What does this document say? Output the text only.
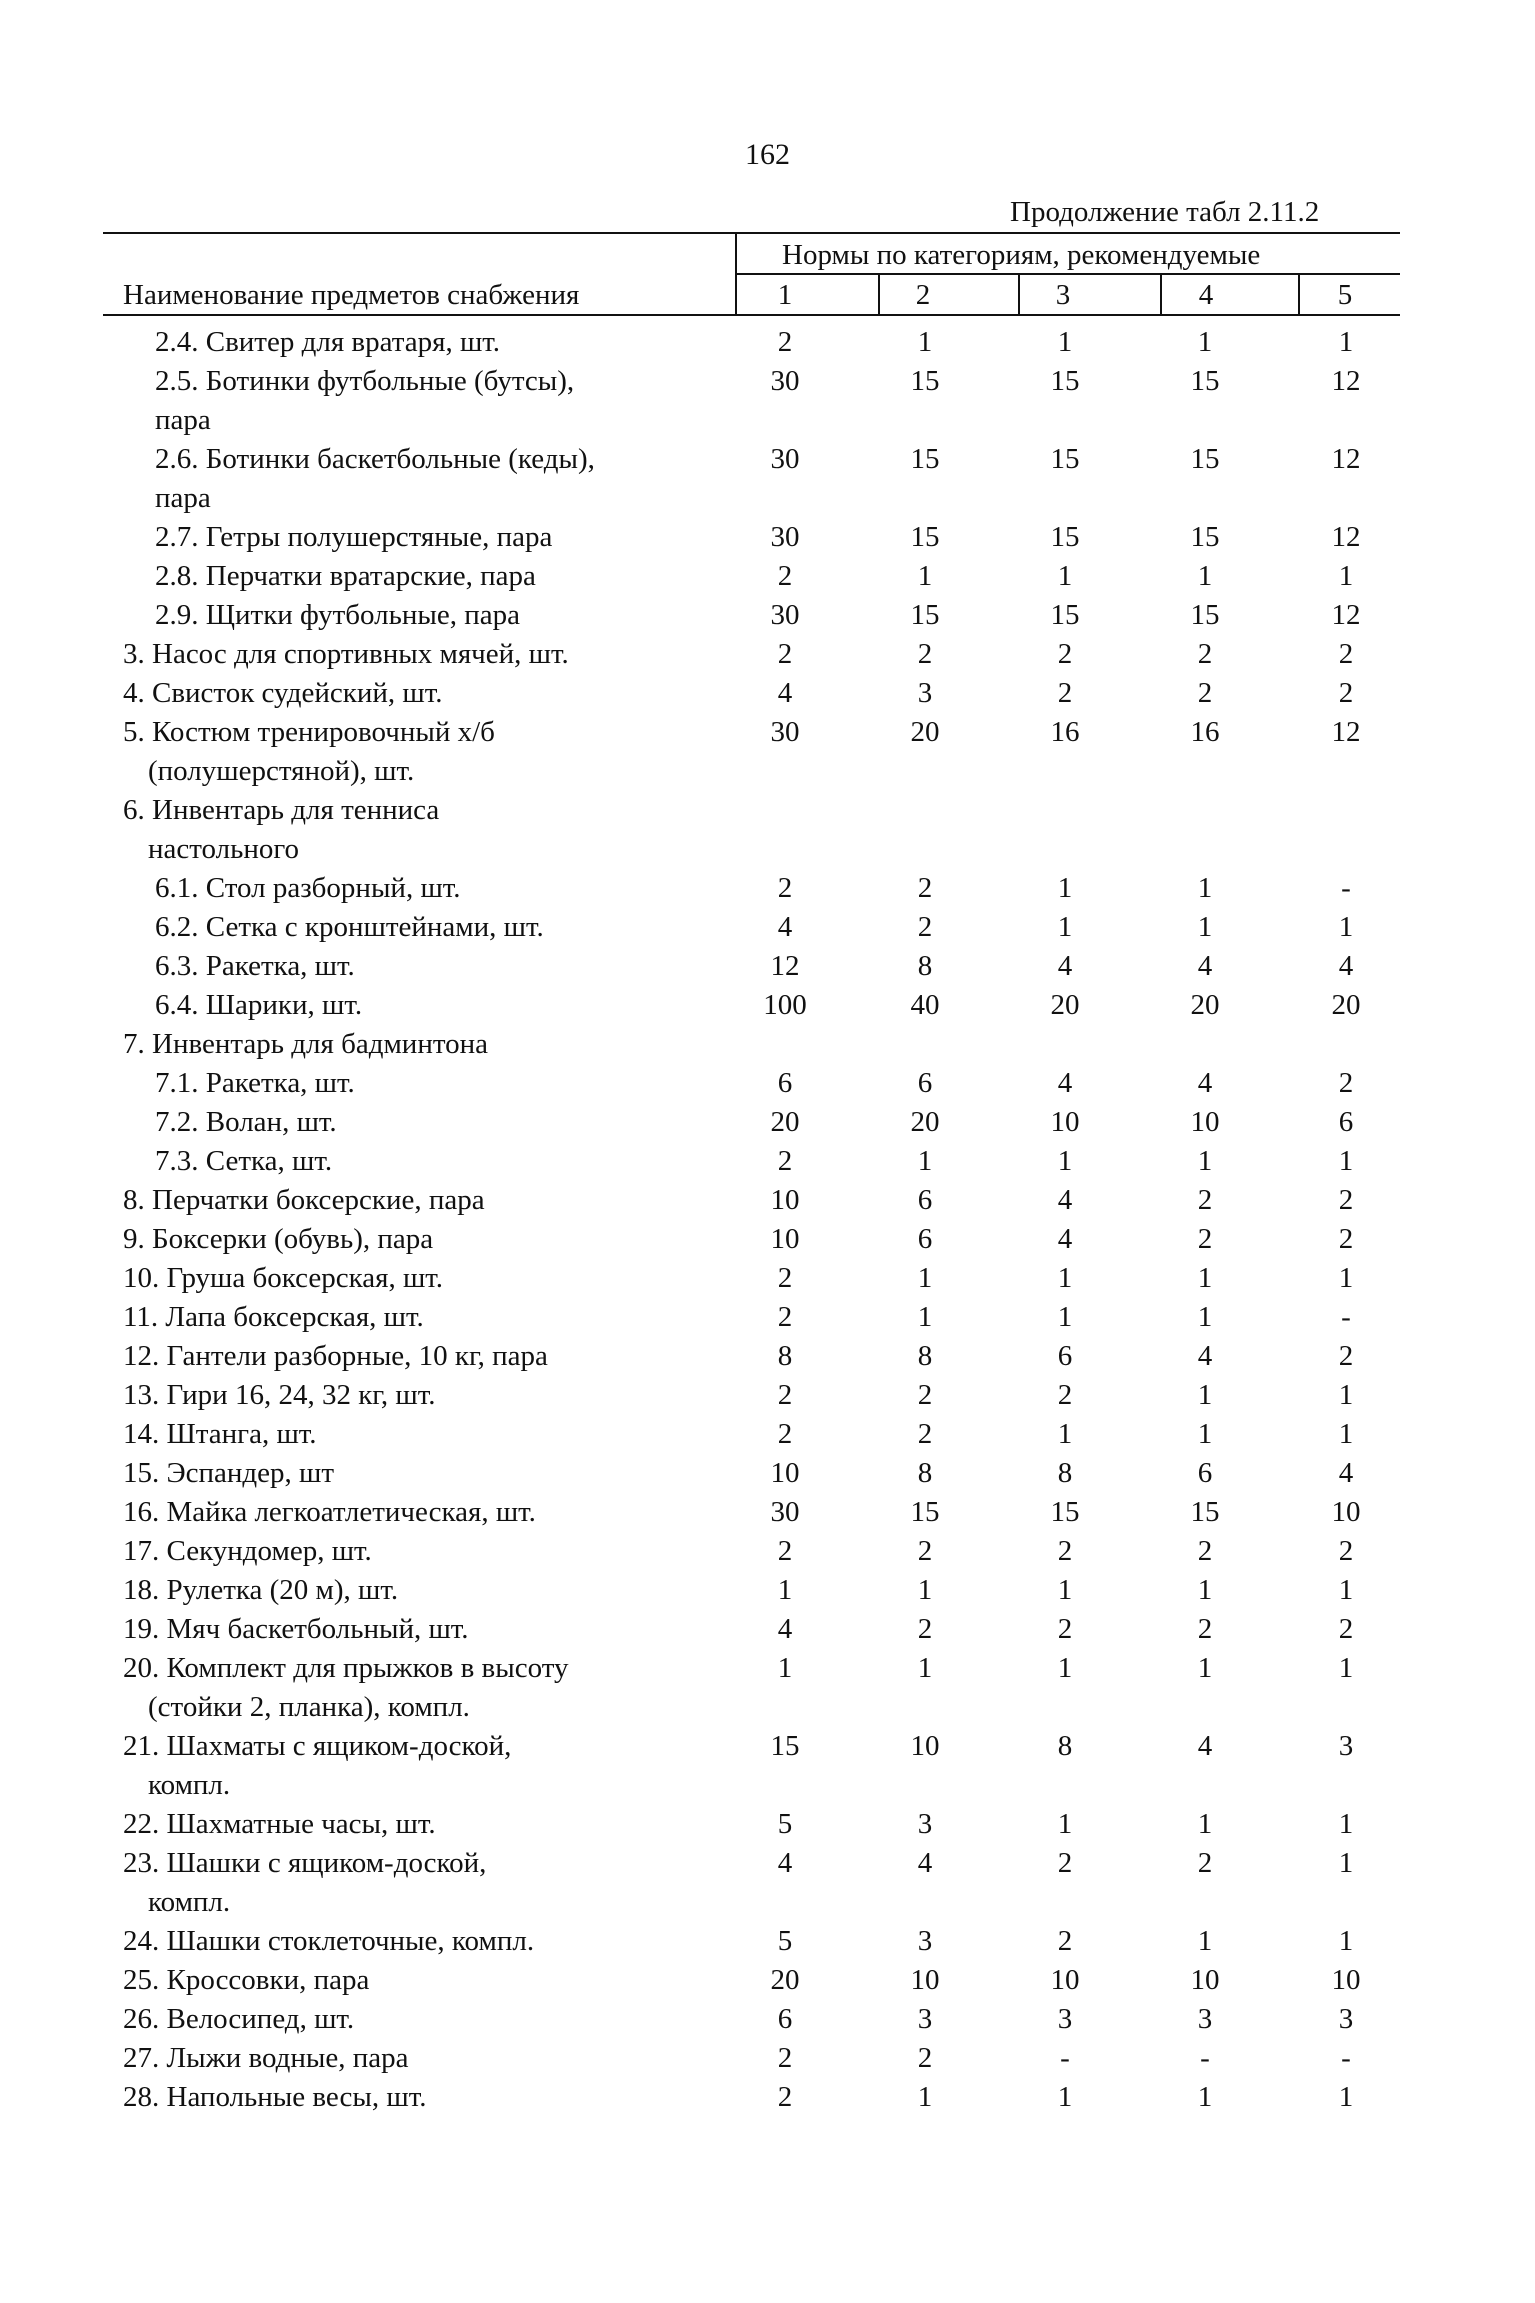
162
Продолжение табл 2.11.2
Наименование предметов снабжения
Нормы по категориям, рекомендуемые
1	2	3	4	5
2.4. Свитер для вратаря, шт.	2	1	1	1	1
2.5. Ботинки футбольные (бутсы),
пара
30	15	15	15	12
2.6. Ботинки баскетбольные (кеды),
пара
30	15	15	15	12
2.7. Гетры полушерстяные, пара	30	15	15	15	12
2.8. Перчатки вратарские, пара	2	1	1	1	1
2.9. Щитки футбольные, пара	30	15	15	15	12
3. Насос для спортивных мячей, шт.	2	2	2	2	2
4. Свисток судейский, шт.	4	3	2	2	2
5. Костюм тренировочный х/б
(полушерстяной), шт.
30	20	16	16	12
6. Инвентарь для тенниса
настольного
6.1. Стол разборный, шт.	2	2	1	1	-
6.2. Сетка с кронштейнами, шт.	4	2	1	1	1
6.3. Ракетка, шт.	12	8	4	4	4
6.4. Шарики, шт.	100	40	20	20	20
7. Инвентарь для бадминтона
7.1. Ракетка, шт.	6	6	4	4	2
7.2. Волан, шт.	20	20	10	10	6
7.3. Сетка, шт.	2	1	1	1	1
8. Перчатки боксерские, пара	10	6	4	2	2
9. Боксерки (обувь), пара	10	6	4	2	2
10. Груша боксерская, шт.	2	1	1	1	1
11. Лапа боксерская, шт.	2	1	1	1	-
12. Гантели разборные, 10 кг, пара	8	8	6	4	2
13. Гири 16, 24, 32 кг, шт.	2	2	2	1	1
14. Штанга, шт.	2	2	1	1	1
15. Эспандер, шт	10	8	8	6	4
16. Майка легкоатлетическая, шт.	30	15	15	15	10
17. Секундомер, шт.	2	2	2	2	2
18. Рулетка (20 м), шт.	1	1	1	1	1
19. Мяч баскетбольный, шт.	4	2	2	2	2
20. Комплект для прыжков в высоту
(стойки 2, планка), компл.
1	1	1	1	1
21. Шахматы с ящиком-доской,
компл.
15	10	8	4	3
22. Шахматные часы, шт.	5	3	1	1	1
23. Шашки с ящиком-доской,
компл.
4	4	2	2	1
24. Шашки стоклеточные, компл.	5	3	2	1	1
25. Кроссовки, пара	20	10	10	10	10
26. Велосипед, шт.	6	3	3	3	3
27. Лыжи водные, пара	2	2	-	-	-
28. Напольные весы, шт.	2	1	1	1	1
